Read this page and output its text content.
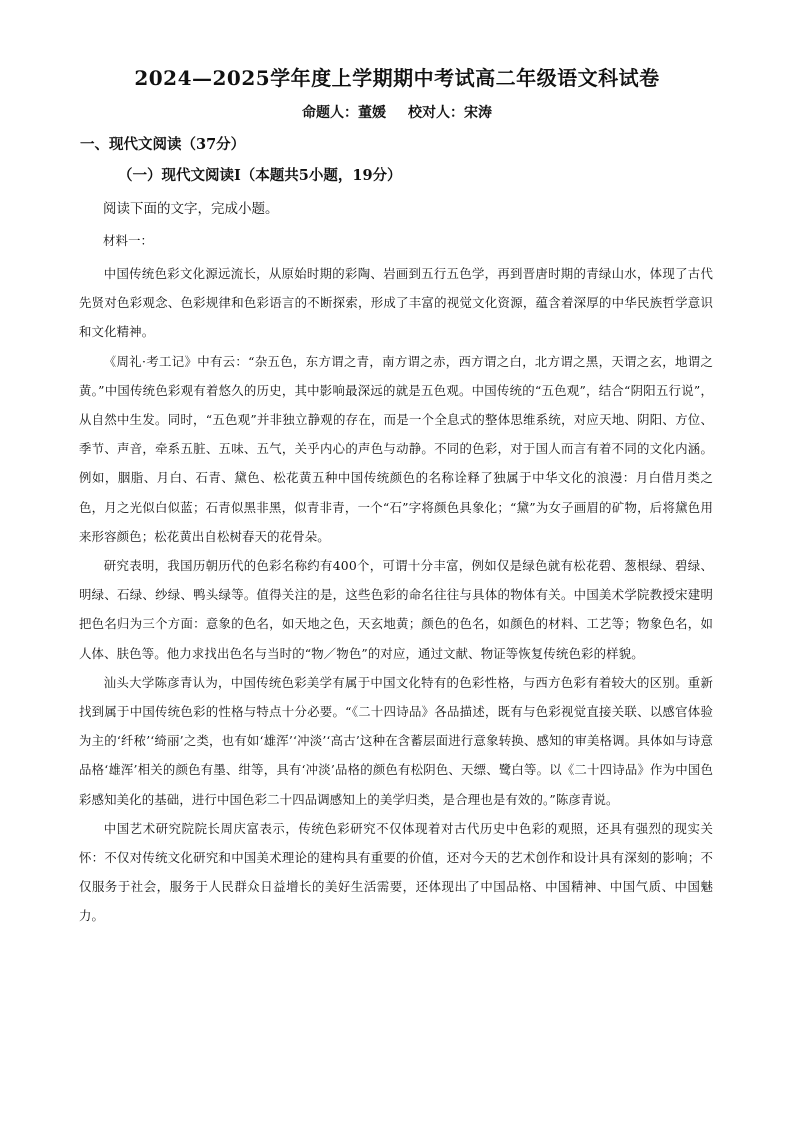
2024—2025学年度上学期期中考试高二年级语文科试卷
命题人：董媛 校对人：宋涛
一、现代文阅读（37分）
（一）现代文阅读Ⅰ（本题共5小题，19分）
阅读下面的文字，完成小题。
材料一：

中国传统色彩文化源远流长，从原始时期的彩陶、岩画到五行五色学，再到晋唐时期的青绿山水，体现了古代先贤对色彩观念、色彩规律和色彩语言的不断探索，形成了丰富的视觉文化资源，蕴含着深厚的中华民族哲学意识和文化精神。

《周礼·考工记》中有云：“杂五色，东方谓之青，南方谓之赤，西方谓之白，北方谓之黑，天谓之玄，地谓之黄。”中国传统色彩观有着悠久的历史，其中影响最深远的就是五色观。中国传统的“五色观”，结合“阴阳五行说”，从自然中生发。同时，“五色观”并非独立静观的存在，而是一个全息式的整体思维系统，对应天地、阴阳、方位、季节、声音，牵系五脏、五味、五气，关乎内心的声色与动静。不同的色彩，对于国人而言有着不同的文化内涵。例如，胭脂、月白、石青、黛色、松花黄五种中国传统颜色的名称诠释了独属于中华文化的浪漫：月白借月类之色，月之光似白似蓝；石青似黑非黑，似青非青，一个“石”字将颜色具象化；“黛”为女子画眉的矿物，后将黛色用来形容颜色；松花黄出自松树春天的花骨朵。

研究表明，我国历朝历代的色彩名称约有400个，可谓十分丰富，例如仅是绿色就有松花碧、葱根绿、碧绿、明绿、石绿、纱绿、鸭头绿等。值得关注的是，这些色彩的命名往往与具体的物体有关。中国美术学院教授宋建明把色名归为三个方面：意象的色名，如天地之色，天玄地黄；颜色的色名，如颜色的材料、工艺等；物象色名，如人体、肤色等。他力求找出色名与当时的“物／物色”的对应，通过文献、物证等恢复传统色彩的样貌。

汕头大学陈彦青认为，中国传统色彩美学有属于中国文化特有的色彩性格，与西方色彩有着较大的区别。重新找到属于中国传统色彩的性格与特点十分必要。“《二十四诗品》各品描述，既有与色彩视觉直接关联、以感官体验为主的‘纤秾’‘绮丽’之类，也有如‘雄浑’‘冲淡’‘高古’这种在含蓄层面进行意象转换、感知的审美格调。具体如与诗意品格‘雄浑’相关的颜色有墨、绀等，具有‘冲淡’品格的颜色有松阴色、天缥、鹭白等。以《二十四诗品》作为中国色彩感知美化的基础，进行中国色彩二十四品调感知上的美学归类，是合理也是有效的。”陈彦青说。

中国艺术研究院院长周庆富表示，传统色彩研究不仅体现着对古代历史中色彩的观照，还具有强烈的现实关怀：不仅对传统文化研究和中国美术理论的建构具有重要的价值，还对今天的艺术创作和设计具有深刻的影响；不仅服务于社会，服务于人民群众日益增长的美好生活需要，还体现出了中国品格、中国精神、中国气质、中国魅力。
